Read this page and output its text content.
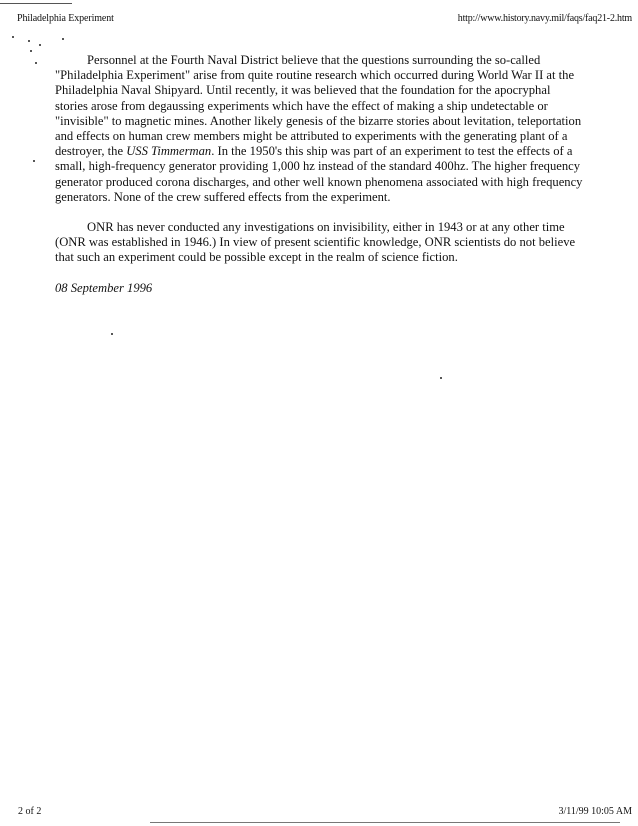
Philadelphia Experiment	http://www.history.navy.mil/faqs/faq21-2.htm

Personnel at the Fourth Naval District believe that the questions surrounding the so-called "Philadelphia Experiment" arise from quite routine research which occurred during World War II at the Philadelphia Naval Shipyard. Until recently, it was believed that the foundation for the apocryphal stories arose from degaussing experiments which have the effect of making a ship undetectable or "invisible" to magnetic mines. Another likely genesis of the bizarre stories about levitation, teleportation and effects on human crew members might be attributed to experiments with the generating plant of a destroyer, the USS Timmerman. In the 1950's this ship was part of an experiment to test the effects of a small, high-frequency generator providing 1,000 hz instead of the standard 400hz. The higher frequency generator produced corona discharges, and other well known phenomena associated with high frequency generators. None of the crew suffered effects from the experiment.

ONR has never conducted any investigations on invisibility, either in 1943 or at any other time (ONR was established in 1946.) In view of present scientific knowledge, ONR scientists do not believe that such an experiment could be possible except in the realm of science fiction.

08 September 1996

2 of 2	3/11/99 10:05 AM
